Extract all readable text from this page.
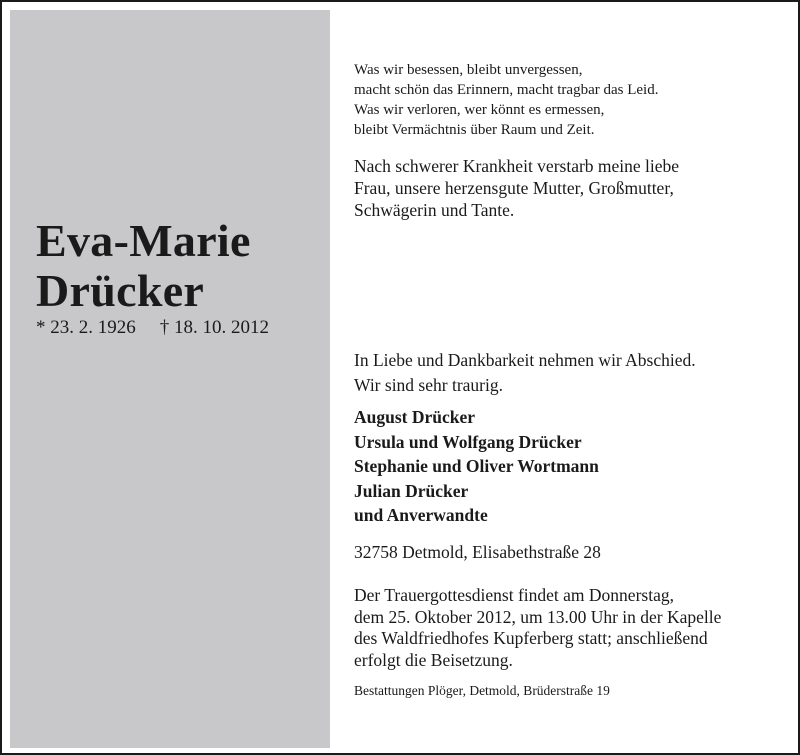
Eva-Marie
Drücker
* 23. 2. 1926 † 18. 10. 2012
Was wir besessen, bleibt unvergessen,
macht schön das Erinnern, macht tragbar das Leid.
Was wir verloren, wer könnt es ermessen,
bleibt Vermächtnis über Raum und Zeit.
Nach schwerer Krankheit verstarb meine liebe
Frau, unsere herzensgute Mutter, Großmutter,
Schwägerin und Tante.
In Liebe und Dankbarkeit nehmen wir Abschied.
Wir sind sehr traurig.
August Drücker
Ursula und Wolfgang Drücker
Stephanie und Oliver Wortmann
Julian Drücker
und Anverwandte
32758 Detmold, Elisabethstraße 28
Der Trauergottesdienst findet am Donnerstag,
dem 25. Oktober 2012, um 13.00 Uhr in der Kapelle
des Waldfriedhofes Kupferberg statt; anschließend
erfolgt die Beisetzung.
Bestattungen Plöger, Detmold, Brüderstraße 19
